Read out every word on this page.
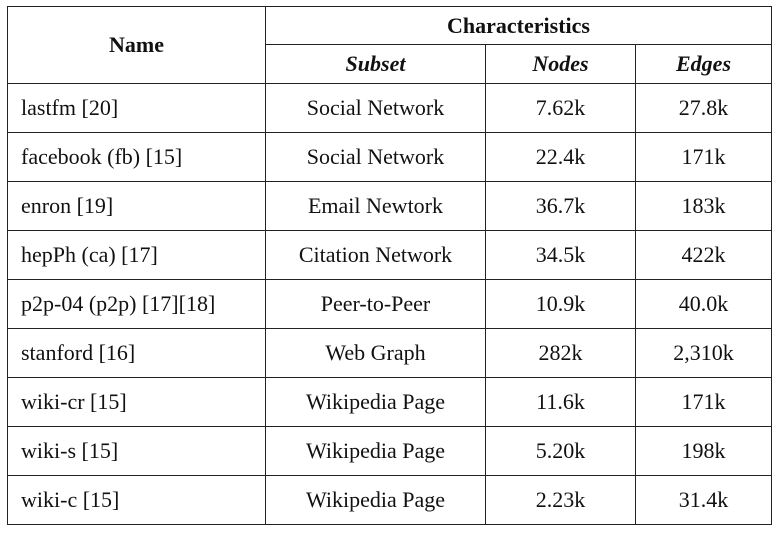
Name	Characteristics		
	Subset	Nodes	Edges
lastfm [20]	Social Network	7.62k	27.8k
facebook (fb) [15]	Social Network	22.4k	171k
enron [19]	Email Newtork	36.7k	183k
hepPh (ca) [17]	Citation Network	34.5k	422k
p2p-04 (p2p) [17][18]	Peer-to-Peer	10.9k	40.0k
stanford [16]	Web Graph	282k	2,310k
wiki-cr [15]	Wikipedia Page	11.6k	171k
wiki-s [15]	Wikipedia Page	5.20k	198k
wiki-c [15]	Wikipedia Page	2.23k	31.4k
